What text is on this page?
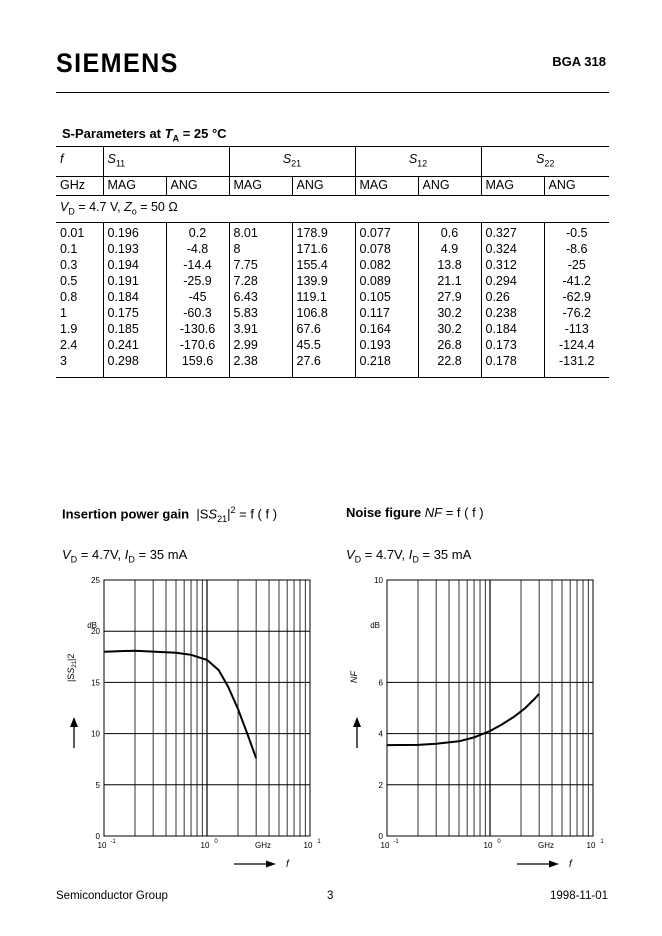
SIEMENS	BGA 318
S-Parameters at $T_A = 25$ °C
f	$S_{11}$		$S_{21}$		$S_{12}$		$S_{22}$
GHz	MAG	ANG	MAG	ANG	MAG	ANG	MAG	ANG
$V_D = 4.7$ V, $Z_o = 50$ Ω								
0.01	0.196	0.2	8.01	178.9	0.077	0.6	0.327	-0.5
0.1	0.193	-4.8	8	171.6	0.078	4.9	0.324	-8.6
0.3	0.194	-14.4	7.75	155.4	0.082	13.8	0.312	-25
0.5	0.191	-25.9	7.28	139.9	0.089	21.1	0.294	-41.2
0.8	0.184	-45	6.43	119.1	0.105	27.9	0.26	-62.9
1	0.175	-60.3	5.83	106.8	0.117	30.2	0.238	-76.2
1.9	0.185	-130.6	3.91	67.6	0.164	30.2	0.184	-113
2.4	0.241	-170.6	2.99	45.5	0.193	26.8	0.173	-124.4
3	0.298	159.6	2.38	27.6	0.218	22.8	0.178	-131.2
Insertion power gain $|SS_{21}|^2 = f$ ( f )
$V_D = 4.7V$, $I_D = 35$ mA
Noise figure NF = f ( f )
$V_D = 4.7V$, $I_D = 35$ mA
0
5
10
15
20
25
10 -1	10 0	10 1
GHz
dB
$|SS_{21}|2$
f
0
2
4
6
10
10 -1	10 0	10 1
GHz
dB
NF
f
Semiconductor Group	3	1998-11-01
